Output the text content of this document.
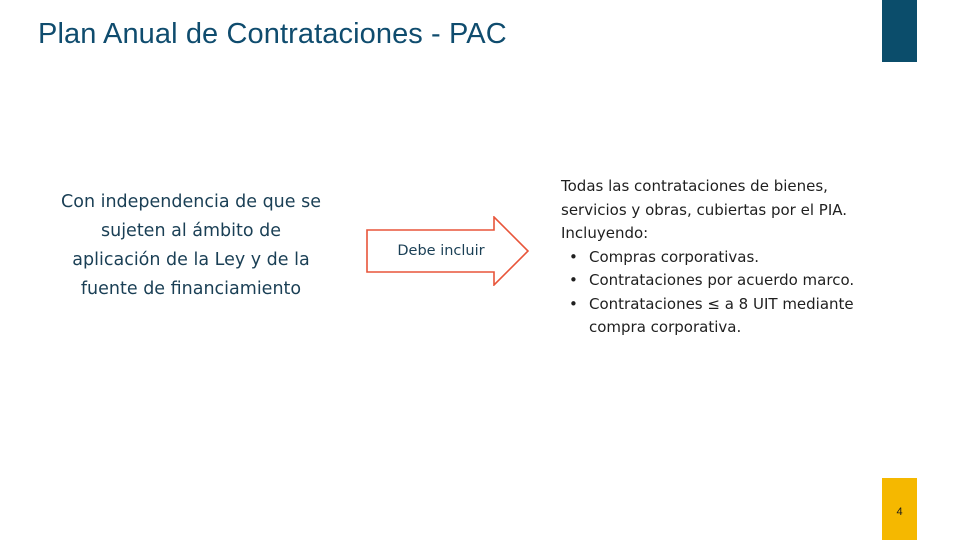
Plan Anual de Contrataciones - PAC
Con independencia de que se sujeten al ámbito de aplicación de la Ley y de la fuente de financiamiento
Debe incluir
Todas las contrataciones de bienes,
servicios y obras, cubiertas por el PIA.
Incluyendo:
• Compras corporativas.
• Contrataciones por acuerdo marco.
• Contrataciones ≤ a 8 UIT mediante
compra corporativa.
4
